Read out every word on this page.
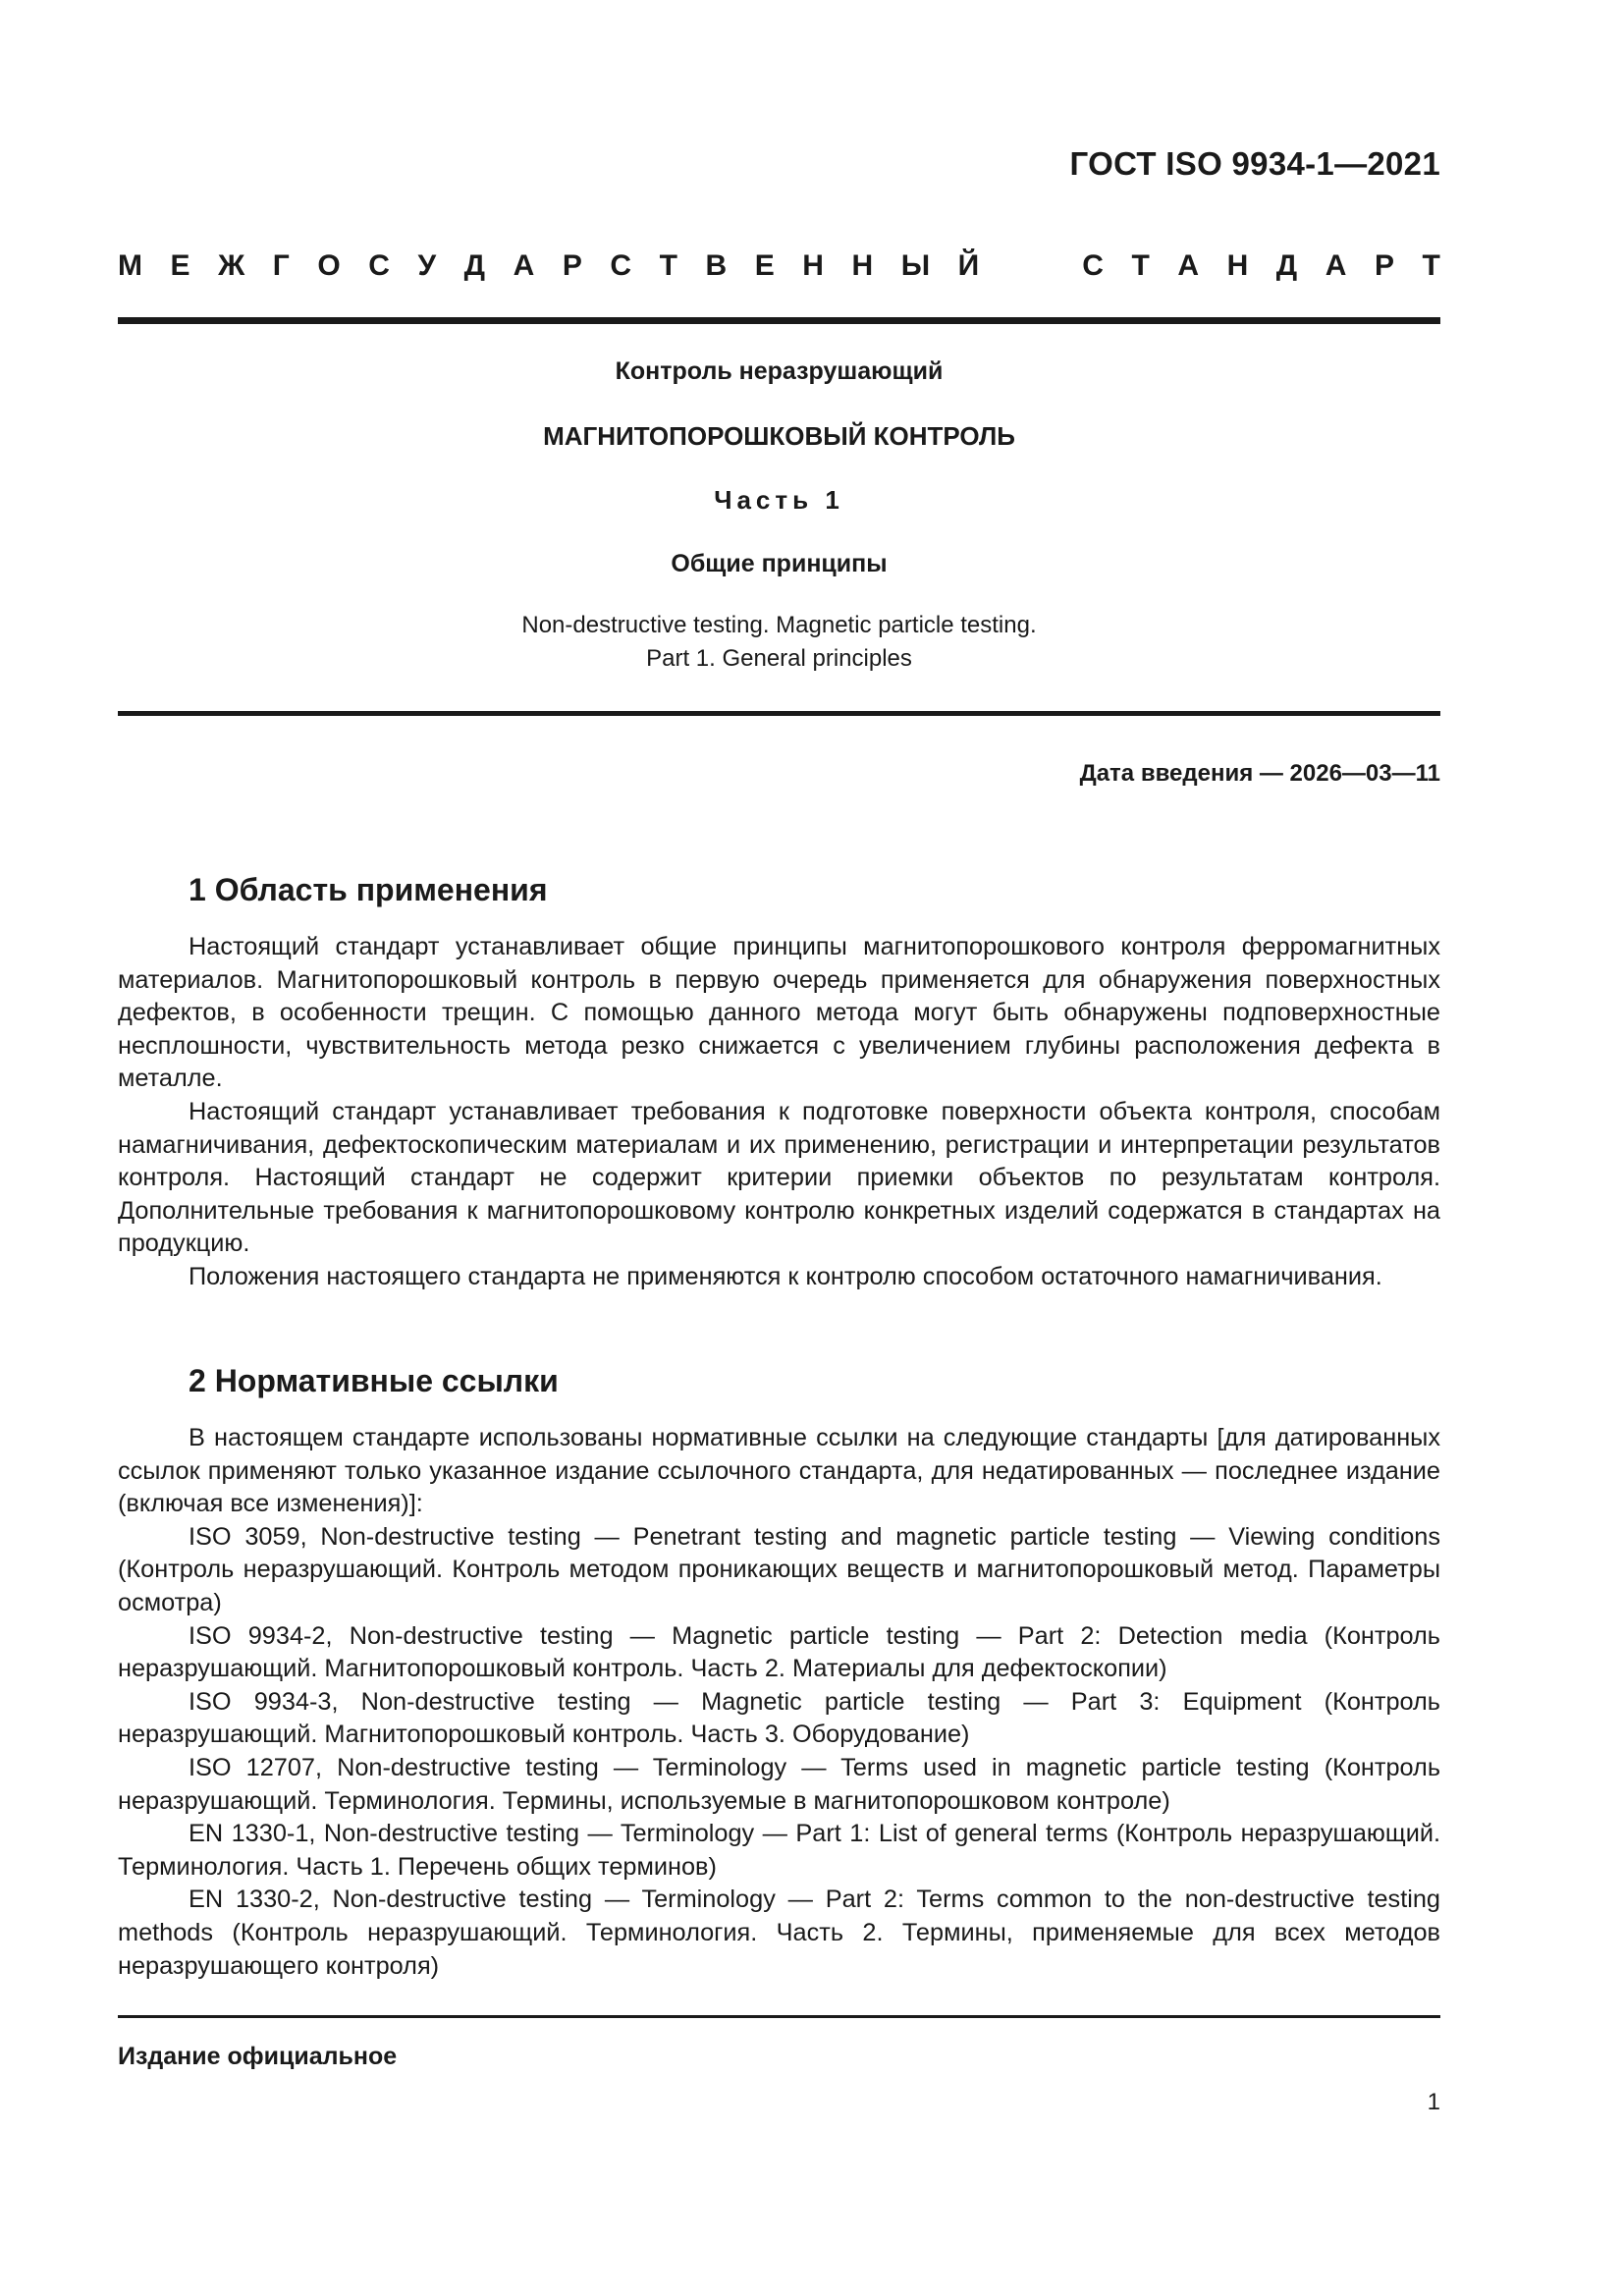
ГОСТ ISO 9934-1—2021
М Е Ж Г О С У Д А Р С Т В Е Н Н Ы Й	С Т А Н Д А Р Т
Контроль неразрушающий
МАГНИТОПОРОШКОВЫЙ КОНТРОЛЬ
Часть 1
Общие принципы
Non-destructive testing. Magnetic particle testing.
Part 1. General principles
Дата введения — 2026—03—11
1 Область применения

Настоящий стандарт устанавливает общие принципы магнитопорошкового контроля ферромагнитных материалов. Магнитопорошковый контроль в первую очередь применяется для обнаружения поверхностных дефектов, в особенности трещин. С помощью данного метода могут быть обнаружены подповерхностные несплошности, чувствительность метода резко снижается с увеличением глубины расположения дефекта в металле.

Настоящий стандарт устанавливает требования к подготовке поверхности объекта контроля, способам намагничивания, дефектоскопическим материалам и их применению, регистрации и интерпретации результатов контроля. Настоящий стандарт не содержит критерии приемки объектов по результатам контроля. Дополнительные требования к магнитопорошковому контролю конкретных изделий содержатся в стандартах на продукцию.

Положения настоящего стандарта не применяются к контролю способом остаточного намагничивания.

2 Нормативные ссылки

В настоящем стандарте использованы нормативные ссылки на следующие стандарты [для датированных ссылок применяют только указанное издание ссылочного стандарта, для недатированных — последнее издание (включая все изменения)]:

ISO 3059, Non-destructive testing — Penetrant testing and magnetic particle testing — Viewing conditions (Контроль неразрушающий. Контроль методом проникающих веществ и магнитопорошковый метод. Параметры осмотра)

ISO 9934-2, Non-destructive testing — Magnetic particle testing — Part 2: Detection media (Контроль неразрушающий. Магнитопорошковый контроль. Часть 2. Материалы для дефектоскопии)

ISO 9934-3, Non-destructive testing — Magnetic particle testing — Part 3: Equipment (Контроль неразрушающий. Магнитопорошковый контроль. Часть 3. Оборудование)

ISO 12707, Non-destructive testing — Terminology — Terms used in magnetic particle testing (Контроль неразрушающий. Терминология. Термины, используемые в магнитопорошковом контроле)

EN 1330-1, Non-destructive testing — Terminology — Part 1: List of general terms (Контроль неразрушающий. Терминология. Часть 1. Перечень общих терминов)

EN 1330-2, Non-destructive testing — Terminology — Part 2: Terms common to the non-destructive testing methods (Контроль неразрушающий. Терминология. Часть 2. Термины, применяемые для всех методов неразрушающего контроля)

Издание официальное
1
